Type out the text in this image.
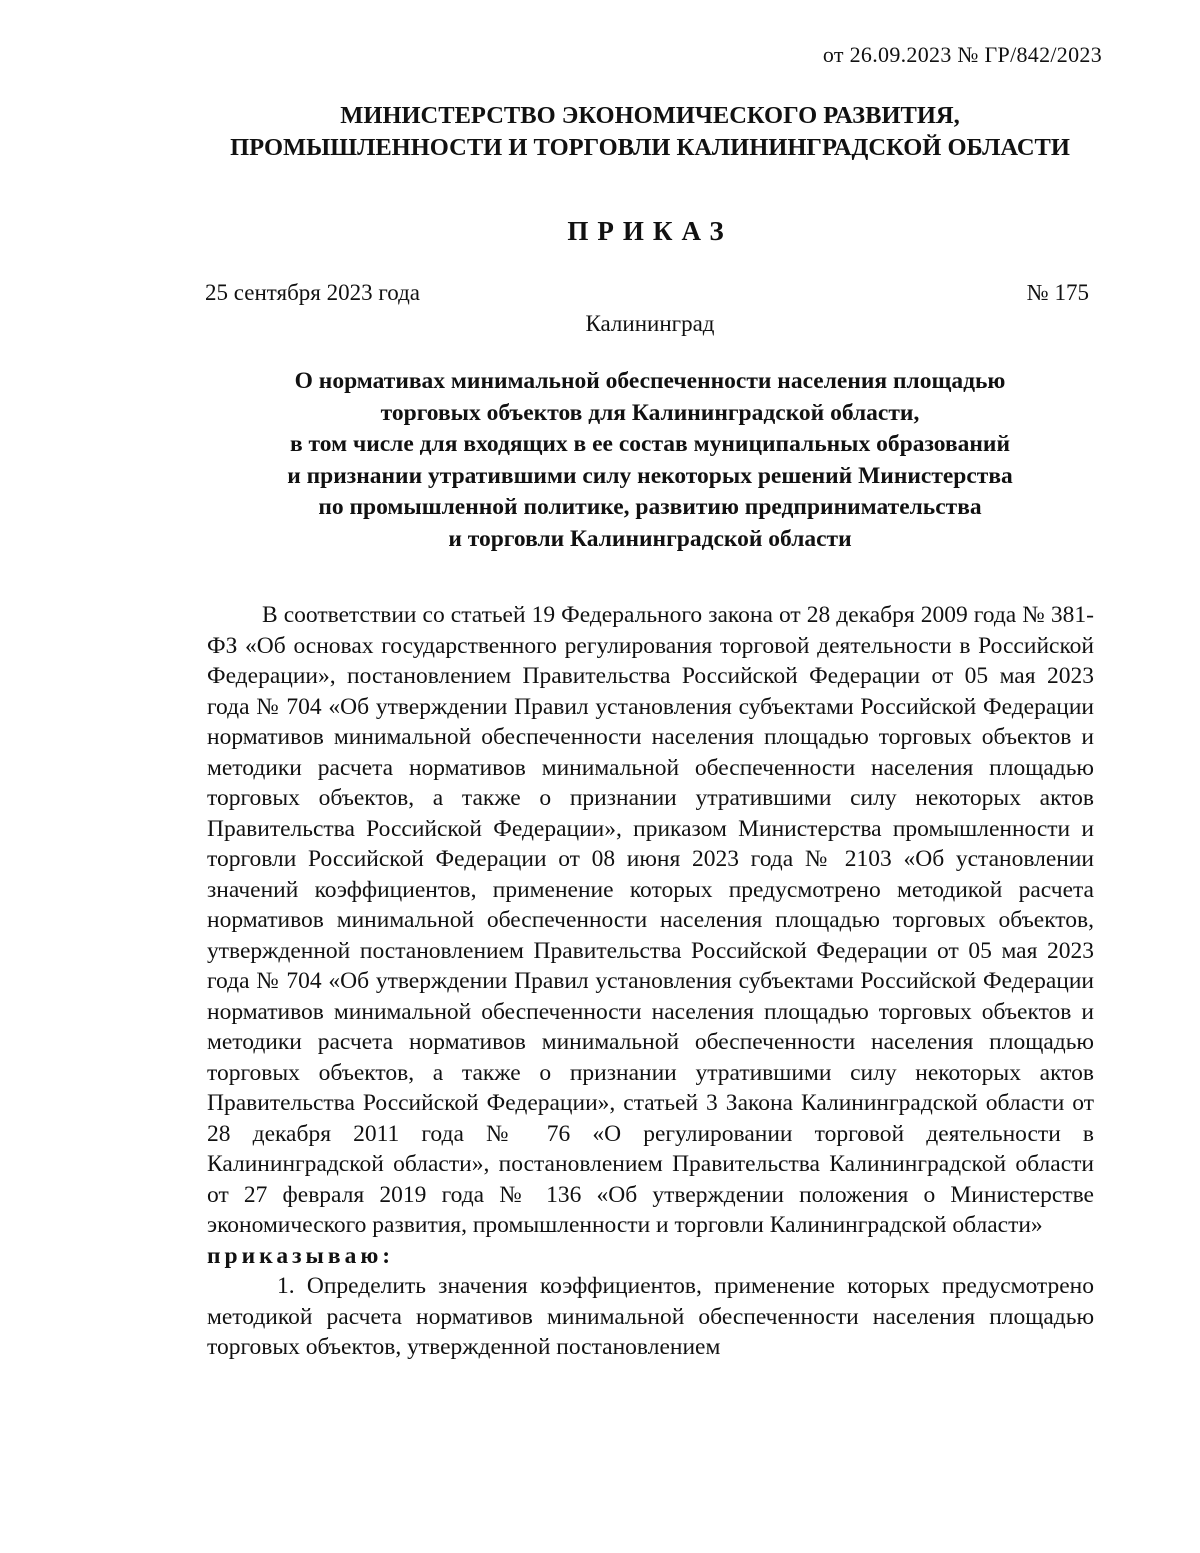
от 26.09.2023 № ГР/842/2023
МИНИСТЕРСТВО ЭКОНОМИЧЕСКОГО РАЗВИТИЯ,
ПРОМЫШЛЕННОСТИ И ТОРГОВЛИ КАЛИНИНГРАДСКОЙ ОБЛАСТИ
ПРИКАЗ
25 сентября 2023 года	№ 175
Калининград
О нормативах минимальной обеспеченности населения площадью
торговых объектов для Калининградской области,
в том числе для входящих в ее состав муниципальных образований
и признании утратившими силу некоторых решений Министерства
по промышленной политике, развитию предпринимательства
и торговли Калининградской области

В соответствии со статьей 19 Федерального закона от 28 декабря 2009 года № 381-ФЗ «Об основах государственного регулирования торговой деятельности в Российской Федерации», постановлением Правительства Российской Федерации от 05 мая 2023 года № 704 «Об утверждении Правил установления субъектами Российской Федерации нормативов минимальной обеспеченности населения площадью торговых объектов и методики расчета нормативов минимальной обеспеченности населения площадью торговых объектов, а также о признании утратившими силу некоторых актов Правительства Российской Федерации», приказом Министерства промышленности и торговли Российской Федерации от 08 июня 2023 года № 2103 «Об установлении значений коэффициентов, применение которых предусмотрено методикой расчета нормативов минимальной обеспеченности населения площадью торговых объектов, утвержденной постановлением Правительства Российской Федерации от 05 мая 2023 года № 704 «Об утверждении Правил установления субъектами Российской Федерации нормативов минимальной обеспеченности населения площадью торговых объектов и методики расчета нормативов минимальной обеспеченности населения площадью торговых объектов, а также о признании утратившими силу некоторых актов Правительства Российской Федерации», статьей 3 Закона Калининградской области от 28 декабря 2011 года № 76 «О регулировании торговой деятельности в Калининградской области», постановлением Правительства Калининградской области от 27 февраля 2019 года № 136 «Об утверждении положения о Министерстве экономического развития, промышленности и торговли Калининградской области»

приказываю:

1. Определить значения коэффициентов, применение которых предусмотрено методикой расчета нормативов минимальной обеспеченности населения площадью торговых объектов, утвержденной постановлением
